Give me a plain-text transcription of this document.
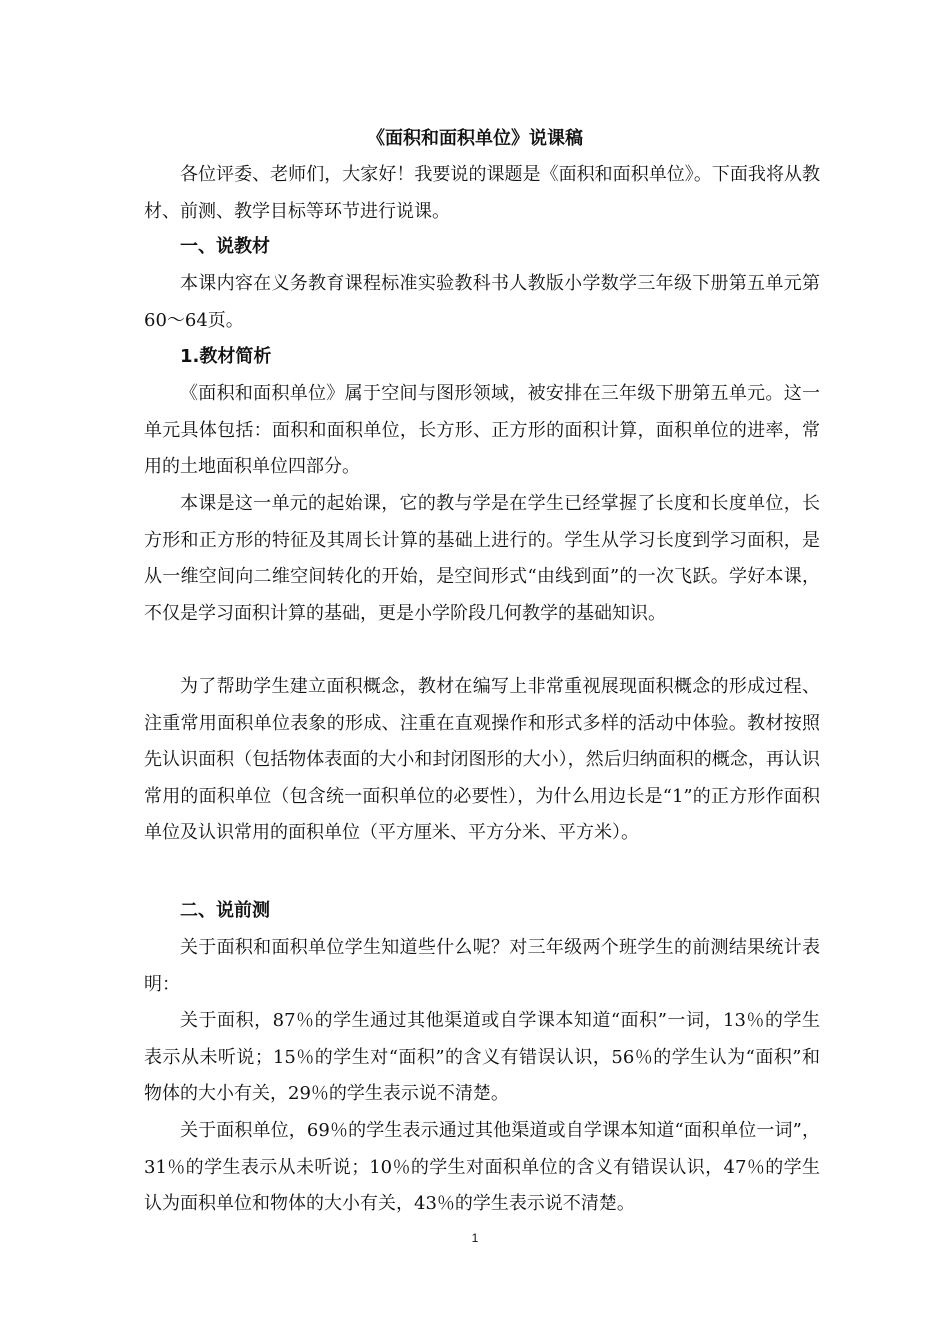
《面积和面积单位》说课稿

各位评委、老师们，大家好！我要说的课题是《面积和面积单位》。下面我将从教材、前测、教学目标等环节进行说课。

一、说教材

本课内容在义务教育课程标准实验教科书人教版小学数学三年级下册第五单元第60～64页。

1.教材简析

《面积和面积单位》属于空间与图形领域，被安排在三年级下册第五单元。这一单元具体包括：面积和面积单位，长方形、正方形的面积计算，面积单位的进率，常用的土地面积单位四部分。

本课是这一单元的起始课，它的教与学是在学生已经掌握了长度和长度单位，长方形和正方形的特征及其周长计算的基础上进行的。学生从学习长度到学习面积，是从一维空间向二维空间转化的开始，是空间形式“由线到面”的一次飞跃。学好本课，不仅是学习面积计算的基础，更是小学阶段几何教学的基础知识。

为了帮助学生建立面积概念，教材在编写上非常重视展现面积概念的形成过程、注重常用面积单位表象的形成、注重在直观操作和形式多样的活动中体验。教材按照先认识面积（包括物体表面的大小和封闭图形的大小），然后归纳面积的概念，再认识常用的面积单位（包含统一面积单位的必要性），为什么用边长是“1”的正方形作面积单位及认识常用的面积单位（平方厘米、平方分米、平方米）。

二、说前测

关于面积和面积单位学生知道些什么呢？对三年级两个班学生的前测结果统计表明：

关于面积，87％的学生通过其他渠道或自学课本知道“面积”一词，13％的学生表示从未听说；15％的学生对“面积”的含义有错误认识，56％的学生认为“面积”和物体的大小有关，29％的学生表示说不清楚。

关于面积单位，69％的学生表示通过其他渠道或自学课本知道“面积单位一词”，31％的学生表示从未听说；10％的学生对面积单位的含义有错误认识，47％的学生认为面积单位和物体的大小有关，43％的学生表示说不清楚。

1
